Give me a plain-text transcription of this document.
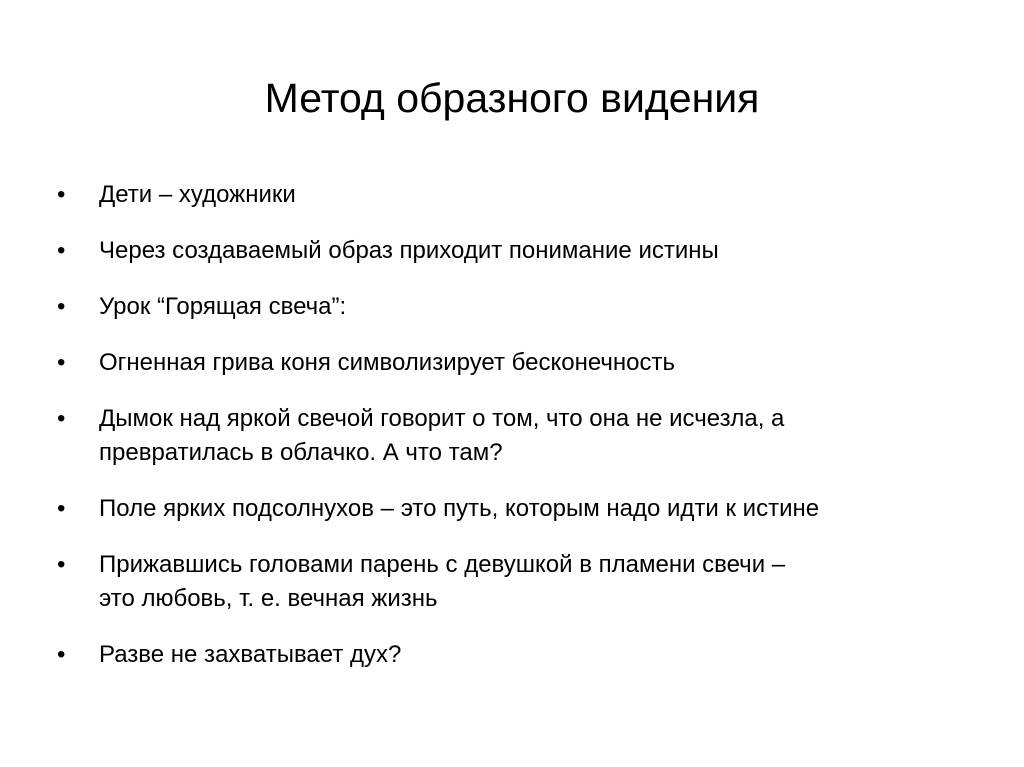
Метод образного видения
•	Дети – художники
•	Через создаваемый образ приходит понимание истины
•	Урок “Горящая свеча”:
•	Огненная грива коня символизирует бесконечность
•	Дымок над яркой свечой говорит о том, что она не исчезла, а
превратилась в облачко. А что там?
•	Поле ярких подсолнухов – это путь, которым надо идти к истине
•	Прижавшись головами парень с девушкой в пламени свечи –
это любовь, т. е. вечная жизнь
•	Разве не захватывает дух?
